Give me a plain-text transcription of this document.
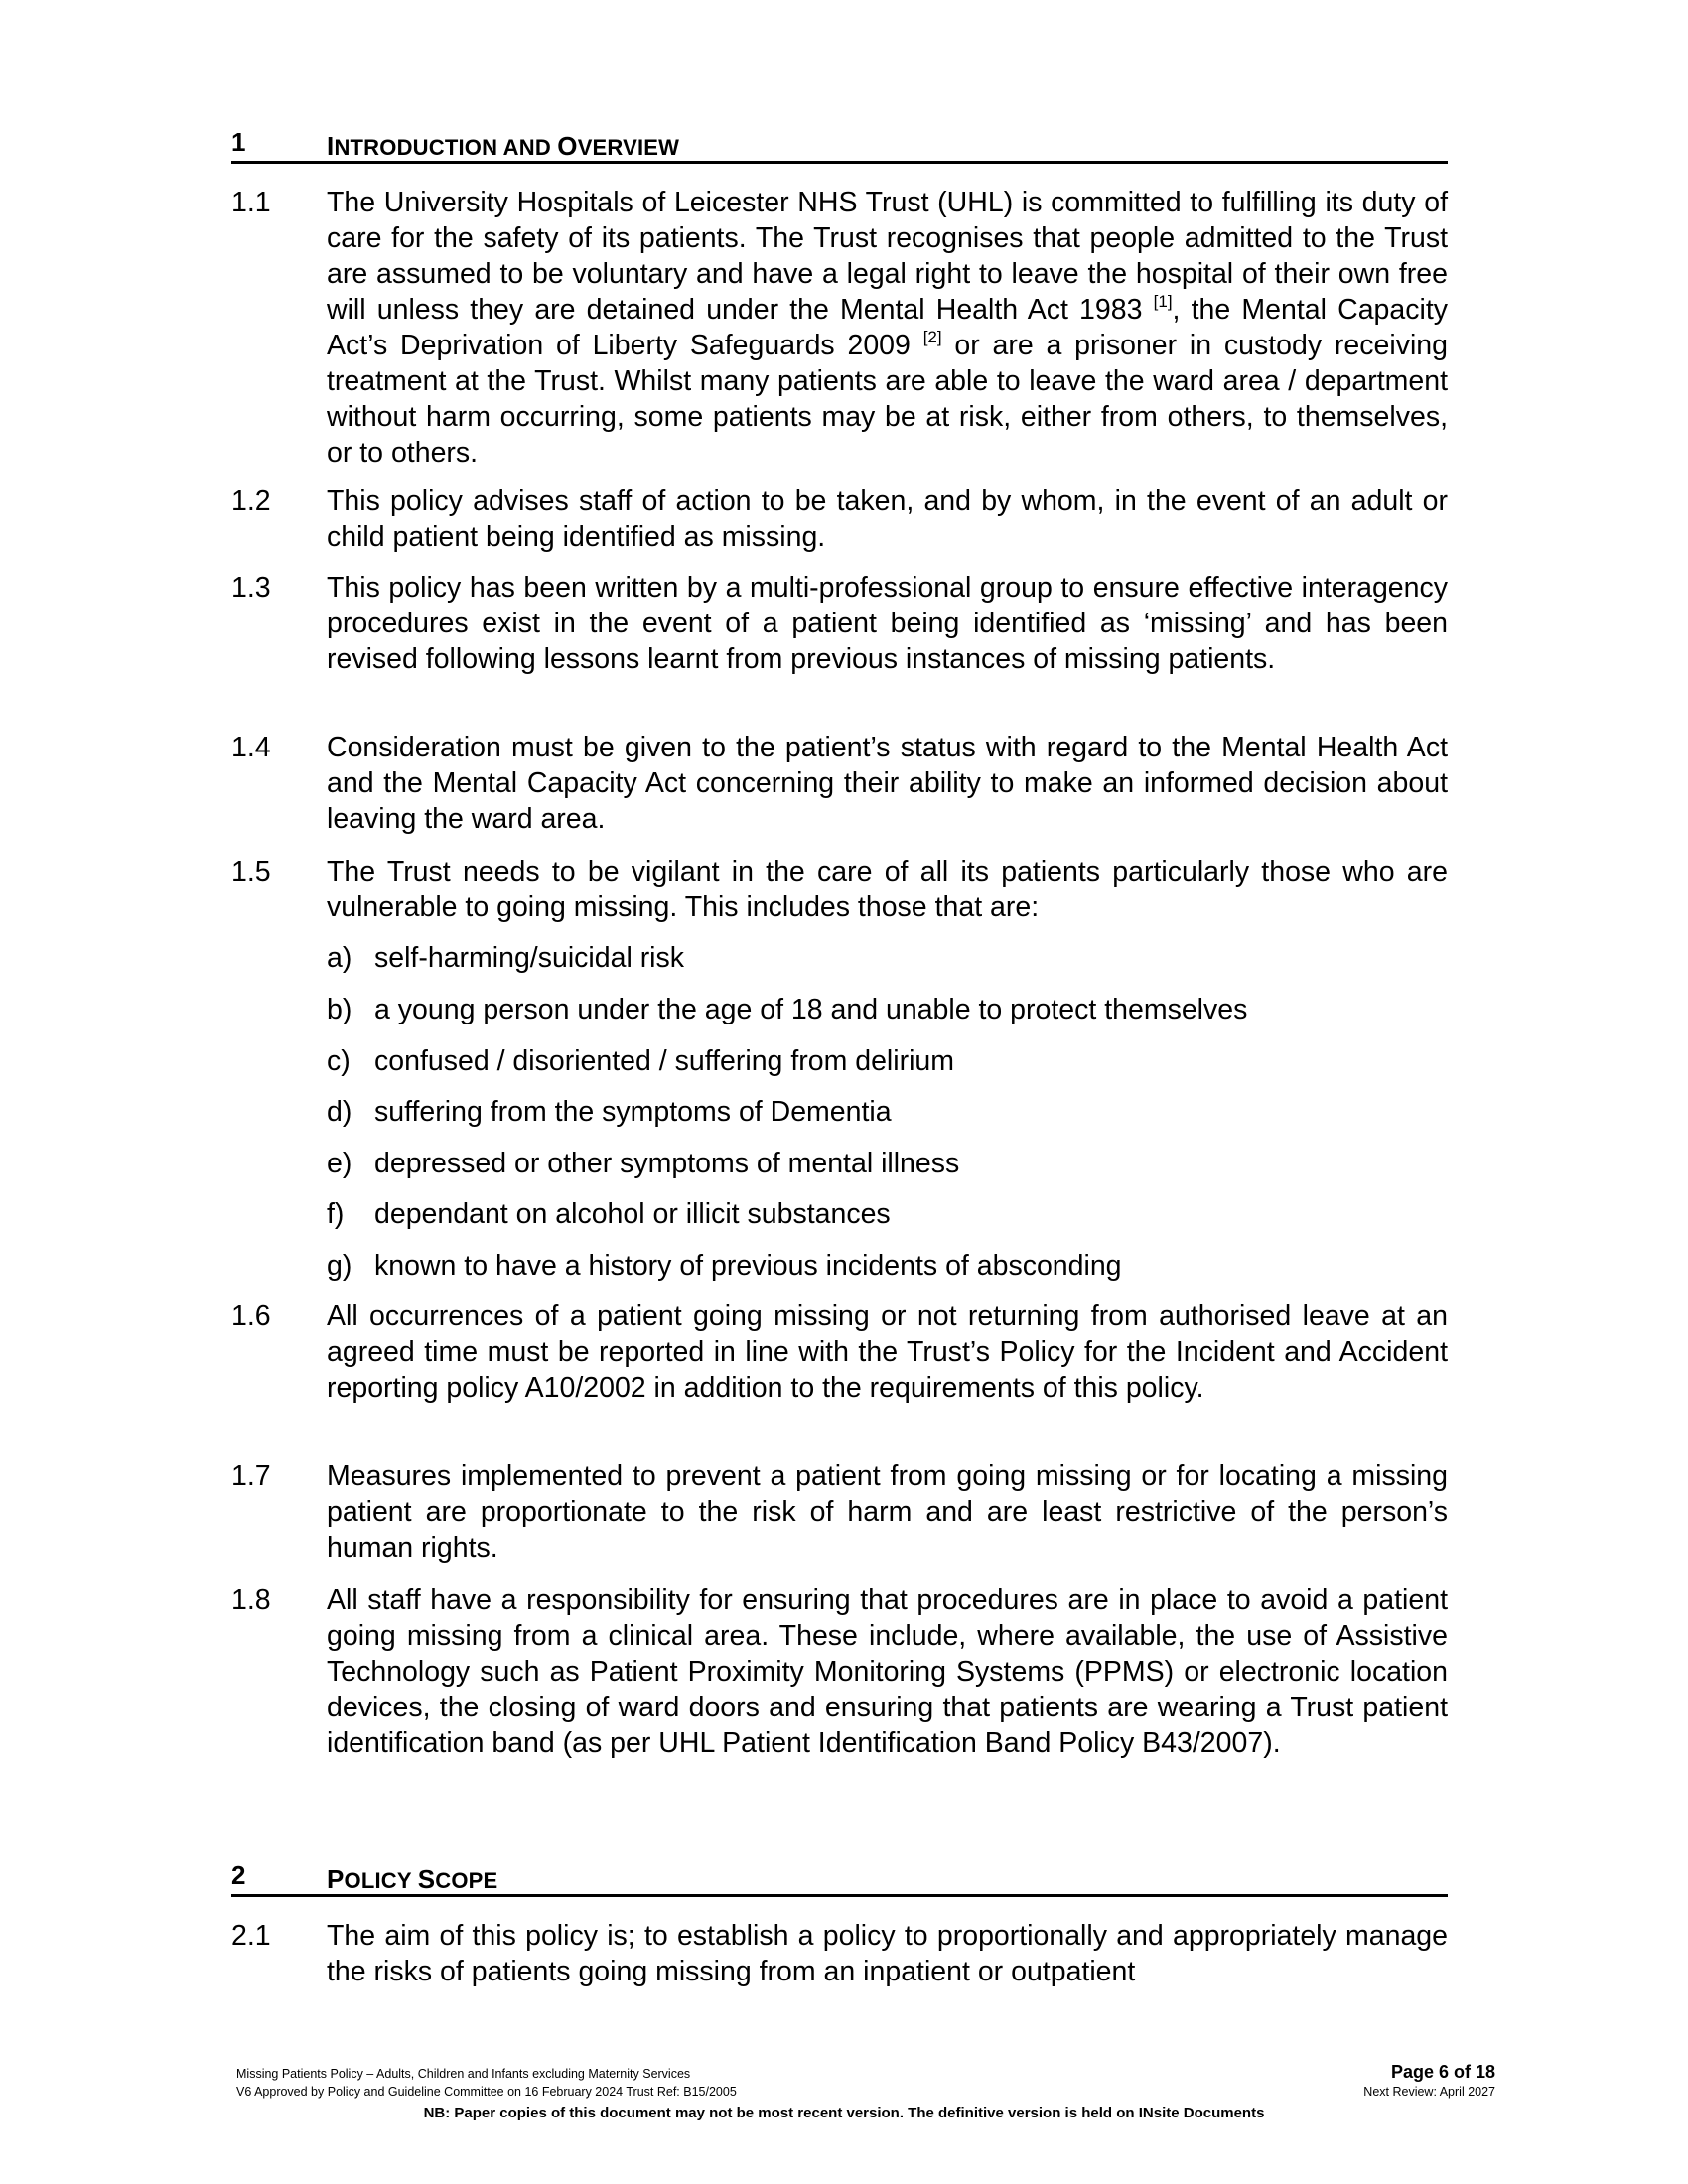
1	INTRODUCTION AND OVERVIEW
1.1 The University Hospitals of Leicester NHS Trust (UHL) is committed to fulfilling its duty of care for the safety of its patients. The Trust recognises that people admitted to the Trust are assumed to be voluntary and have a legal right to leave the hospital of their own free will unless they are detained under the Mental Health Act 1983 [1], the Mental Capacity Act’s Deprivation of Liberty Safeguards 2009 [2] or are a prisoner in custody receiving treatment at the Trust. Whilst many patients are able to leave the ward area / department without harm occurring, some patients may be at risk, either from others, to themselves, or to others.
1.2 This policy advises staff of action to be taken, and by whom, in the event of an adult or child patient being identified as missing.
1.3 This policy has been written by a multi-professional group to ensure effective interagency procedures exist in the event of a patient being identified as ‘missing’ and has been revised following lessons learnt from previous instances of missing patients.
1.4 Consideration must be given to the patient’s status with regard to the Mental Health Act and the Mental Capacity Act concerning their ability to make an informed decision about leaving the ward area.
1.5 The Trust needs to be vigilant in the care of all its patients particularly those who are vulnerable to going missing. This includes those that are:
a) self-harming/suicidal risk
b) a young person under the age of 18 and unable to protect themselves
c) confused / disoriented / suffering from delirium
d) suffering from the symptoms of Dementia
e) depressed or other symptoms of mental illness
f) dependant on alcohol or illicit substances
g) known to have a history of previous incidents of absconding
1.6 All occurrences of a patient going missing or not returning from authorised leave at an agreed time must be reported in line with the Trust’s Policy for the Incident and Accident reporting policy A10/2002 in addition to the requirements of this policy.
1.7 Measures implemented to prevent a patient from going missing or for locating a missing patient are proportionate to the risk of harm and are least restrictive of the person’s human rights.
1.8 All staff have a responsibility for ensuring that procedures are in place to avoid a patient going missing from a clinical area. These include, where available, the use of Assistive Technology such as Patient Proximity Monitoring Systems (PPMS) or electronic location devices, the closing of ward doors and ensuring that patients are wearing a Trust patient identification band (as per UHL Patient Identification Band Policy B43/2007).
2	POLICY SCOPE
2.1 The aim of this policy is; to establish a policy to proportionally and appropriately manage the risks of patients going missing from an inpatient or outpatient
Missing Patients Policy – Adults, Children and Infants excluding Maternity Services
V6 Approved by Policy and Guideline Committee on 16 February 2024 Trust Ref: B15/2005
Page 6 of 18
Next Review: April 2027
NB: Paper copies of this document may not be most recent version. The definitive version is held on INsite Documents
